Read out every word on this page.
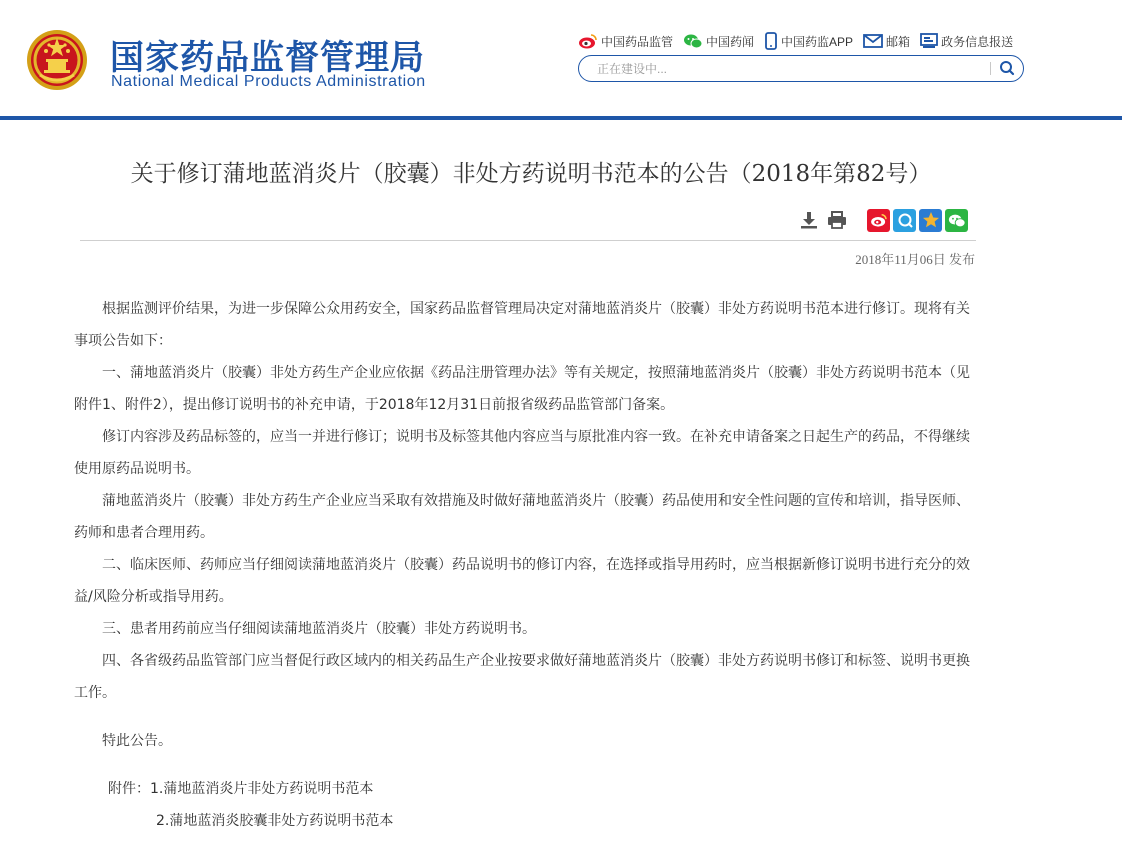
国家药品监督管理局
National Medical Products Administration
中国药品监管	中国药闻 中国药监APP	邮箱	政务信息报送
正在建设中...
关于修订蒲地蓝消炎片（胶囊）非处方药说明书范本的公告（2018年第82号）
2018年11月06日 发布

根据监测评价结果，为进一步保障公众用药安全，国家药品监督管理局决定对蒲地蓝消炎片（胶囊）非处方药说明书范本进行修订。现将有关事项公告如下：

一、蒲地蓝消炎片（胶囊）非处方药生产企业应依据《药品注册管理办法》等有关规定，按照蒲地蓝消炎片（胶囊）非处方药说明书范本（见附件1、附件2），提出修订说明书的补充申请，于2018年12月31日前报省级药品监管部门备案。

修订内容涉及药品标签的，应当一并进行修订；说明书及标签其他内容应当与原批准内容一致。在补充申请备案之日起生产的药品，不得继续使用原药品说明书。

蒲地蓝消炎片（胶囊）非处方药生产企业应当采取有效措施及时做好蒲地蓝消炎片（胶囊）药品使用和安全性问题的宣传和培训，指导医师、药师和患者合理用药。

二、临床医师、药师应当仔细阅读蒲地蓝消炎片（胶囊）药品说明书的修订内容，在选择或指导用药时，应当根据新修订说明书进行充分的效益/风险分析或指导用药。

三、患者用药前应当仔细阅读蒲地蓝消炎片（胶囊）非处方药说明书。

四、各省级药品监管部门应当督促行政区域内的相关药品生产企业按要求做好蒲地蓝消炎片（胶囊）非处方药说明书修订和标签、说明书更换工作。

特此公告。

附件：1.蒲地蓝消炎片非处方药说明书范本

2.蒲地蓝消炎胶囊非处方药说明书范本
